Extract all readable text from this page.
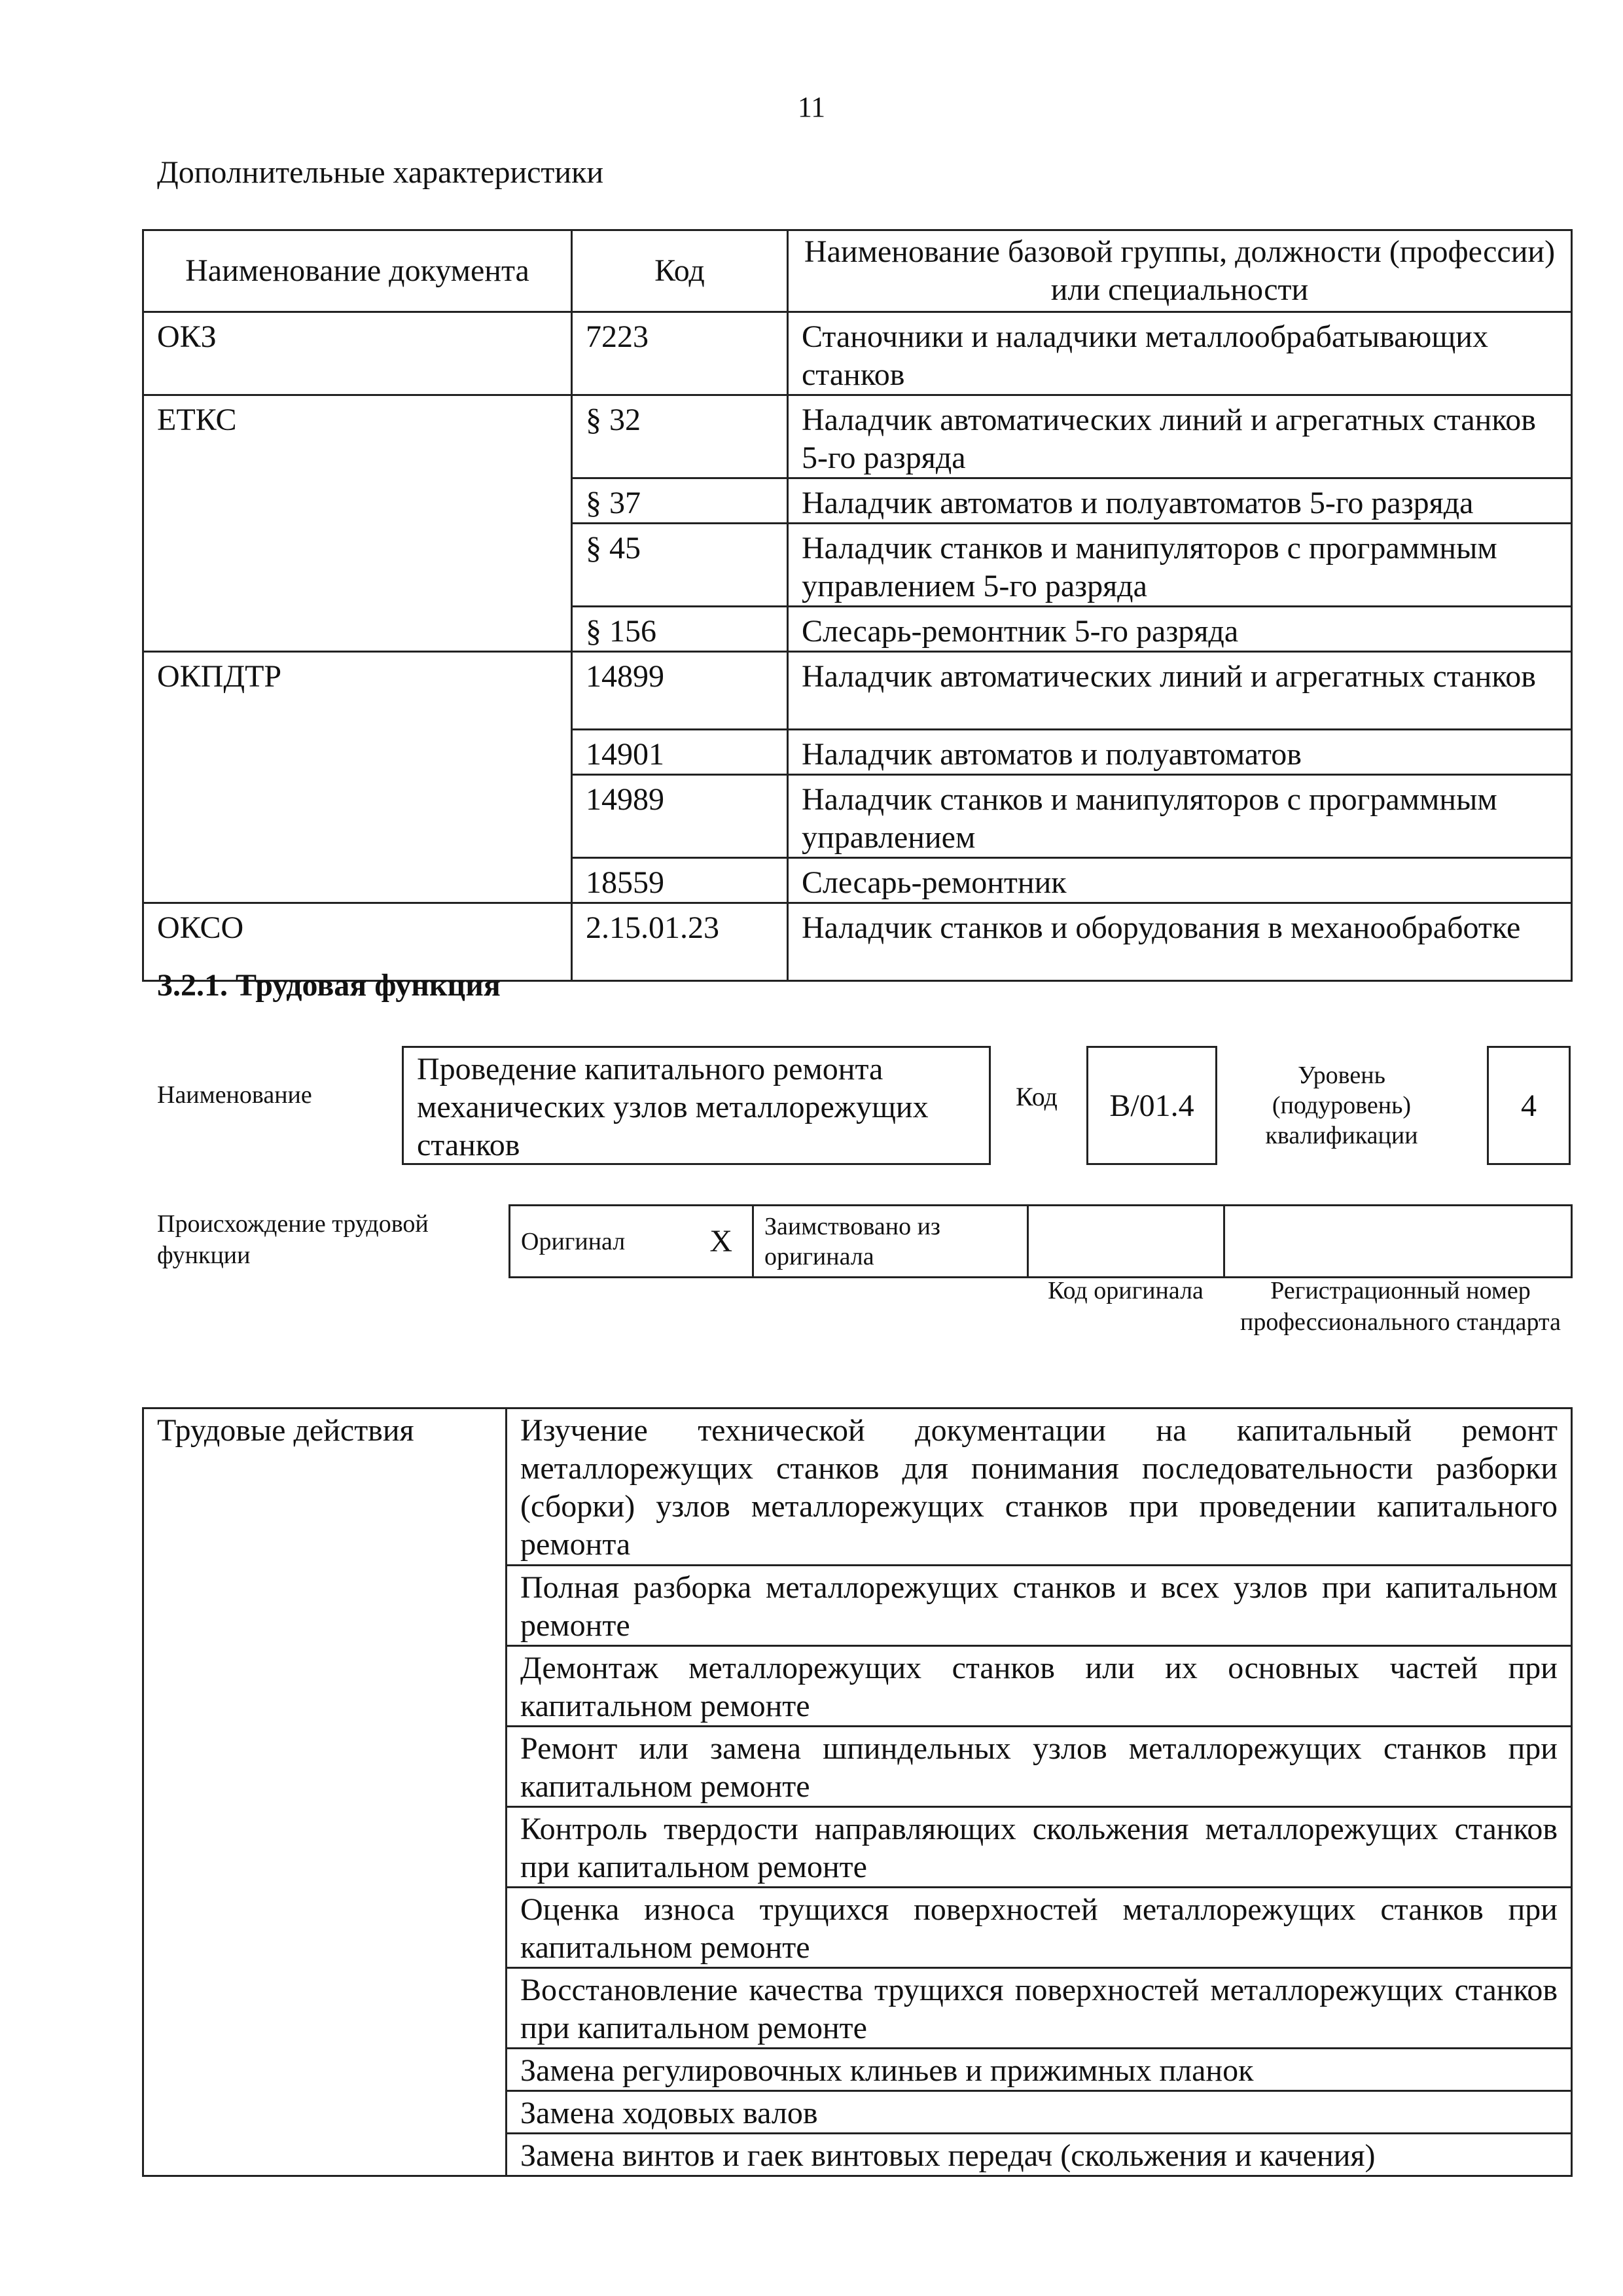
11
Дополнительные характеристики
Наименование документа	Код	Наименование базовой группы, должности (профессии) или специальности
ОКЗ	7223	Станочники и наладчики металлообрабатывающих станков
ЕТКС	§ 32	Наладчик автоматических линий и агрегатных станков 5-го разряда
	§ 37	Наладчик автоматов и полуавтоматов 5-го разряда
	§ 45	Наладчик станков и манипуляторов с программным управлением 5-го разряда
	§ 156	Слесарь-ремонтник 5-го разряда
ОКПДТР	14899	Наладчик автоматических линий и агрегатных станков
	14901	Наладчик автоматов и полуавтоматов
	14989	Наладчик станков и манипуляторов с программным управлением
	18559	Слесарь-ремонтник
ОКСО	2.15.01.23	Наладчик станков и оборудования в механообработке
3.2.1. Трудовая функция
Наименование
Проведение капитального ремонта механических узлов металлорежущих станков
Код	B/01.4
Уровень (подуровень) квалификации
4
Происхождение трудовой
функции
Оригинал	X	Заимствовано из оригинала		
Код оригинала	Регистрационный номер профессионального стандарта
Трудовые действия	Изучение технической документации на капитальный ремонт металлорежущих станков для понимания последовательности разборки (сборки) узлов металлорежущих станков при проведении капитального ремонта
Полная разборка металлорежущих станков и всех узлов при капитальном ремонте
Демонтаж металлорежущих станков или их основных частей при капитальном ремонте
Ремонт или замена шпиндельных узлов металлорежущих станков при капитальном ремонте
Контроль твердости направляющих скольжения металлорежущих станков при капитальном ремонте
Оценка износа трущихся поверхностей металлорежущих станков при капитальном ремонте
Восстановление качества трущихся поверхностей металлорежущих станков при капитальном ремонте
Замена регулировочных клиньев и прижимных планок
Замена ходовых валов
Замена винтов и гаек винтовых передач (скольжения и качения)
